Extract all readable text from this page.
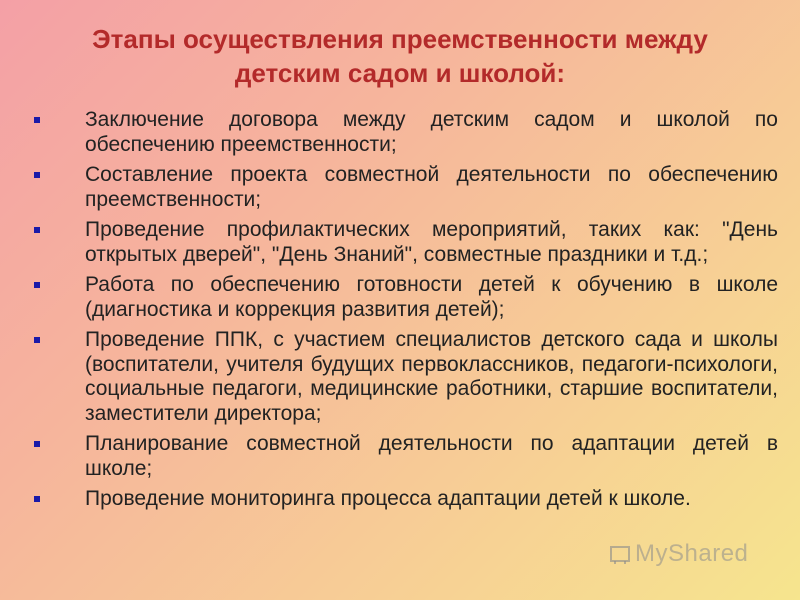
Этапы осуществления преемственности между
детским садом и школой:
Заключение договора между детским садом и школой по обеспечению преемственности;
Составление проекта совместной деятельности по обеспечению преемственности;
Проведение профилактических мероприятий, таких как: "День открытых дверей", "День Знаний", совместные праздники и т.д.;
Работа по обеспечению готовности детей к обучению в школе (диагностика и коррекция развития детей);
Проведение ППК, с участием специалистов детского сада и школы (воспитатели, учителя будущих первоклассников, педагоги-психологи, социальные педагоги, медицинские работники, старшие воспитатели, заместители директора;
Планирование совместной деятельности по адаптации детей в школе;
Проведение мониторинга процесса адаптации детей к школе.
MyShared
